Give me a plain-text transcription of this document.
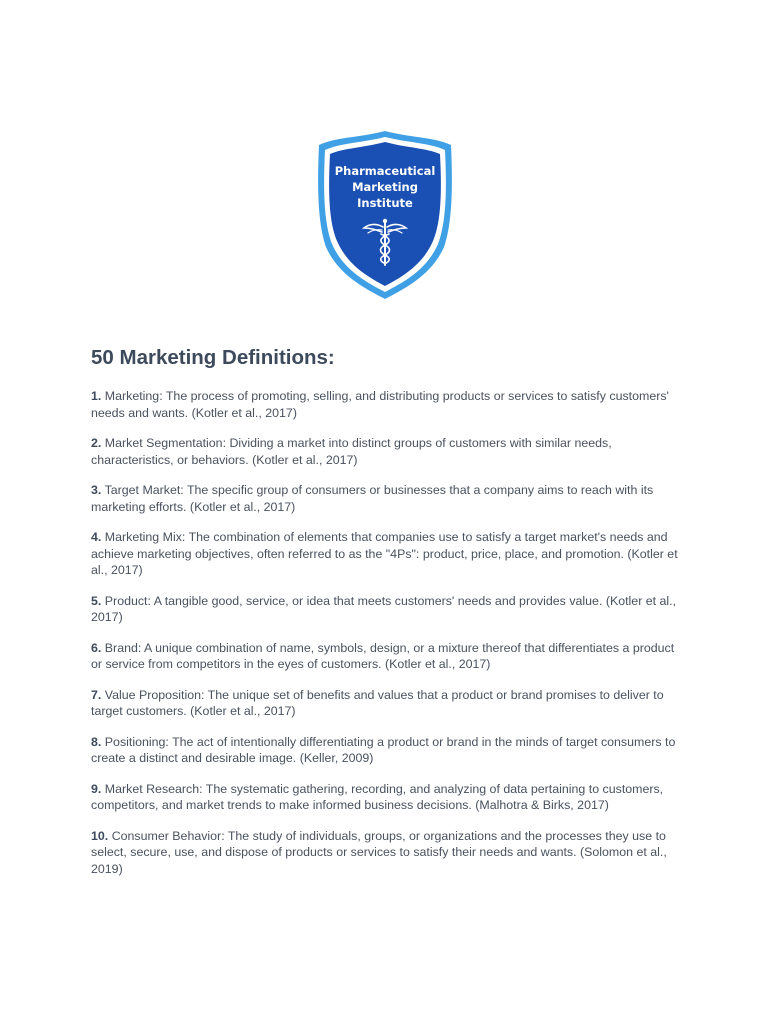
Pharmaceutical
Marketing
Institute
50 Marketing Definitions:
1. Marketing: The process of promoting, selling, and distributing products or services to satisfy customers' needs and wants. (Kotler et al., 2017)
2. Market Segmentation: Dividing a market into distinct groups of customers with similar needs, characteristics, or behaviors. (Kotler et al., 2017)
3. Target Market: The specific group of consumers or businesses that a company aims to reach with its marketing efforts. (Kotler et al., 2017)
4. Marketing Mix: The combination of elements that companies use to satisfy a target market's needs and achieve marketing objectives, often referred to as the "4Ps": product, price, place, and promotion. (Kotler et al., 2017)
5. Product: A tangible good, service, or idea that meets customers' needs and provides value. (Kotler et al., 2017)
6. Brand: A unique combination of name, symbols, design, or a mixture thereof that differentiates a product or service from competitors in the eyes of customers. (Kotler et al., 2017)
7. Value Proposition: The unique set of benefits and values that a product or brand promises to deliver to target customers. (Kotler et al., 2017)
8. Positioning: The act of intentionally differentiating a product or brand in the minds of target consumers to create a distinct and desirable image. (Keller, 2009)
9. Market Research: The systematic gathering, recording, and analyzing of data pertaining to customers, competitors, and market trends to make informed business decisions. (Malhotra & Birks, 2017)
10. Consumer Behavior: The study of individuals, groups, or organizations and the processes they use to select, secure, use, and dispose of products or services to satisfy their needs and wants. (Solomon et al., 2019)
